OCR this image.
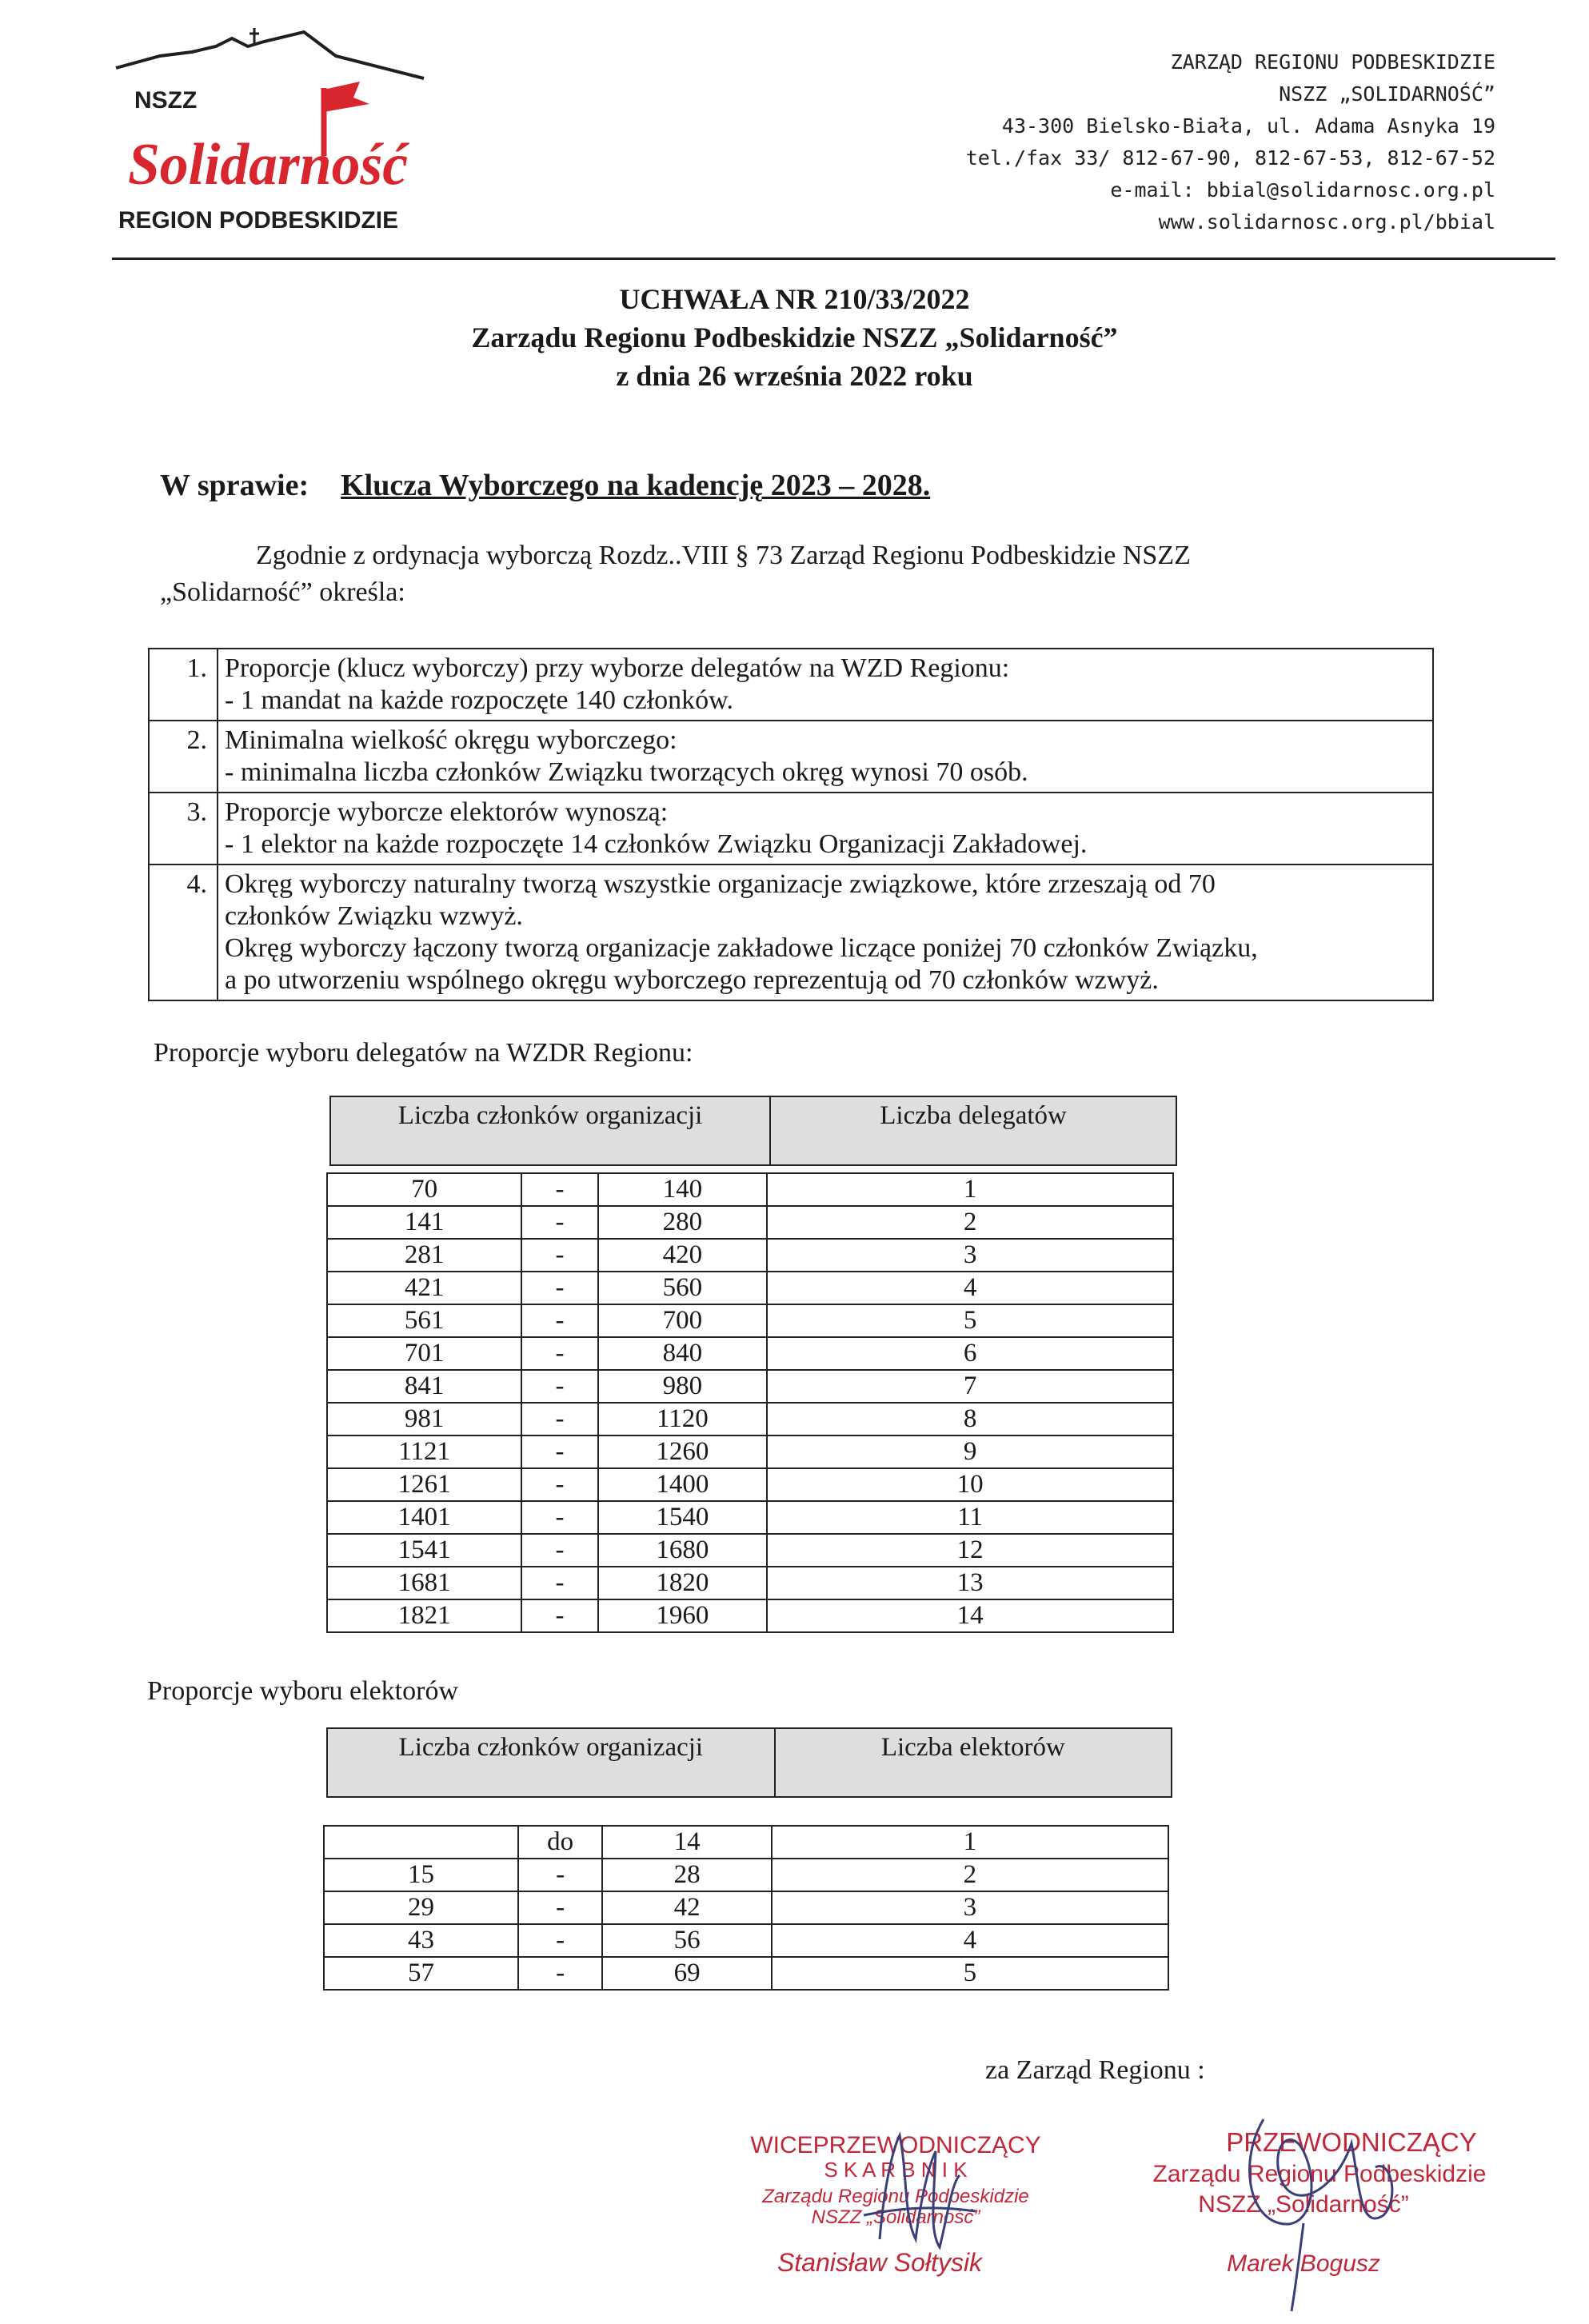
NSZZ
Solidarność
REGION PODBESKIDZIE
ZARZĄD REGIONU PODBESKIDZIE
NSZZ „SOLIDARNOŚĆ”
43-300 Bielsko-Biała, ul. Adama Asnyka 19
tel./fax 33/ 812-67-90, 812-67-53, 812-67-52
e-mail: bbial@solidarnosc.org.pl
www.solidarnosc.org.pl/bbial
UCHWAŁA NR 210/33/2022
Zarządu Regionu Podbeskidzie NSZZ „Solidarność”
z dnia 26 września 2022 roku
W sprawie: Klucza Wyborczego na kadencję 2023 – 2028.
Zgodnie z ordynacja wyborczą Rozdz..VIII § 73 Zarząd Regionu Podbeskidzie NSZZ
„Solidarność” określa:
1.	Proporcje (klucz wyborczy) przy wyborze delegatów na WZD Regionu:
- 1 mandat na każde rozpoczęte 140 członków.

2.	Minimalna wielkość okręgu wyborczego:
- minimalna liczba członków Związku tworzących okręg wynosi 70 osób.

3.	Proporcje wyborcze elektorów wynoszą:
- 1 elektor na każde rozpoczęte 14 członków Związku Organizacji Zakładowej.

4.	Okręg wyborczy naturalny tworzą wszystkie organizacje związkowe, które zrzeszają od 70
członków Związku wzwyż.
Okręg wyborczy łączony tworzą organizacje zakładowe liczące poniżej 70 członków Związku,
a po utworzeniu wspólnego okręgu wyborczego reprezentują od 70 członków wzwyż.
Proporcje wyboru delegatów na WZDR Regionu:
Liczba członków organizacji	Liczba delegatów
70	-	140	1
141	-	280	2
281	-	420	3
421	-	560	4
561	-	700	5
701	-	840	6
841	-	980	7
981	-	1120	8
1121	-	1260	9
1261	-	1400	10
1401	-	1540	11
1541	-	1680	12
1681	-	1820	13
1821	-	1960	14
Proporcje wyboru elektorów
Liczba członków organizacji	Liczba elektorów
	do	14	1
15	-	28	2
29	-	42	3
43	-	56	4
57	-	69	5
za Zarząd Regionu :
WICEPRZEWODNICZĄCY
S K A R B N I K
Zarządu Regionu Podbeskidzie
NSZZ „Solidarność”
Stanisław Sołtysik
PRZEWODNICZĄCY
Zarządu Regionu Podbeskidzie
NSZZ „Solidarność”
Marek Bogusz
